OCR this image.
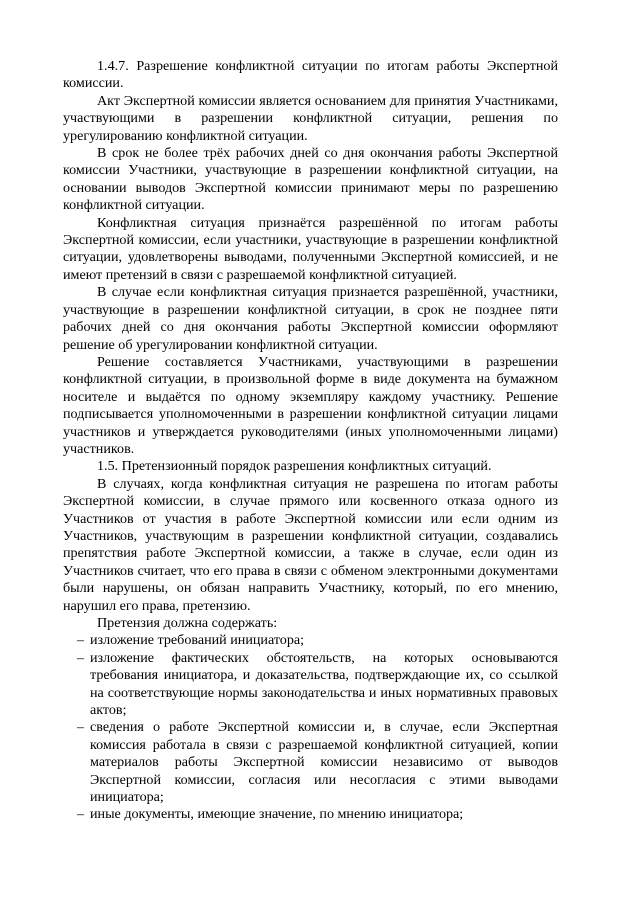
1.4.7. Разрешение конфликтной ситуации по итогам работы Экспертной комиссии.

Акт Экспертной комиссии является основанием для принятия Участниками, участвующими в разрешении конфликтной ситуации, решения по урегулированию конфликтной ситуации.

В срок не более трёх рабочих дней со дня окончания работы Экспертной комиссии Участники, участвующие в разрешении конфликтной ситуации, на основании выводов Экспертной комиссии принимают меры по разрешению конфликтной ситуации.

Конфликтная ситуация признаётся разрешённой по итогам работы Экспертной комиссии, если участники, участвующие в разрешении конфликтной ситуации, удовлетворены выводами, полученными Экспертной комиссией, и не имеют претензий в связи с разрешаемой конфликтной ситуацией.

В случае если конфликтная ситуация признается разрешённой, участники, участвующие в разрешении конфликтной ситуации, в срок не позднее пяти рабочих дней со дня окончания работы Экспертной комиссии оформляют решение об урегулировании конфликтной ситуации.

Решение составляется Участниками, участвующими в разрешении конфликтной ситуации, в произвольной форме в виде документа на бумажном носителе и выдаётся по одному экземпляру каждому участнику. Решение подписывается уполномоченными в разрешении конфликтной ситуации лицами участников и утверждается руководителями (иных уполномоченными лицами) участников.

1.5. Претензионный порядок разрешения конфликтных ситуаций.

В случаях, когда конфликтная ситуация не разрешена по итогам работы Экспертной комиссии, в случае прямого или косвенного отказа одного из Участников от участия в работе Экспертной комиссии или если одним из Участников, участвующим в разрешении конфликтной ситуации, создавались препятствия работе Экспертной комиссии, а также в случае, если один из Участников считает, что его права в связи с обменом электронными документами были нарушены, он обязан направить Участнику, который, по его мнению, нарушил его права, претензию.

Претензия должна содержать:

– изложение требований инициатора;
– изложение фактических обстоятельств, на которых основываются требования инициатора, и доказательства, подтверждающие их, со ссылкой на соответствующие нормы законодательства и иных нормативных правовых актов;
– сведения о работе Экспертной комиссии и, в случае, если Экспертная комиссия работала в связи с разрешаемой конфликтной ситуацией, копии материалов работы Экспертной комиссии независимо от выводов Экспертной комиссии, согласия или несогласия с этими выводами инициатора;
– иные документы, имеющие значение, по мнению инициатора;
